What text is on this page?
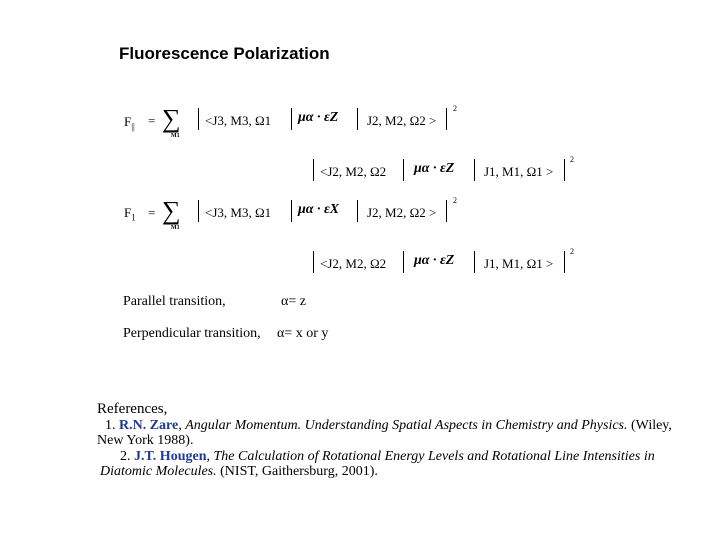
Fluorescence Polarization
$F_{||}$ = ∑
M1
<J3, M3, Ω1 μα · εZ J2, M2, Ω2 >
2
<J2, M2, Ω2 μα · εZ J1, M1, Ω1 >
2
$F_1$ = ∑
M1
<J3, M3, Ω1 μα · εX J2, M2, Ω2 >
2
<J2, M2, Ω2 μα · εZ J1, M1, Ω1 >
2
Parallel transition,	α= z
Perpendicular transition, α= x or y
References,
1. R.N. Zare, Angular Momentum. Understanding Spatial Aspects in Chemistry and Physics. (Wiley, New York 1988).
2. J.T. Hougen, The Calculation of Rotational Energy Levels and Rotational Line Intensities in Diatomic Molecules. (NIST, Gaithersburg, 2001).
